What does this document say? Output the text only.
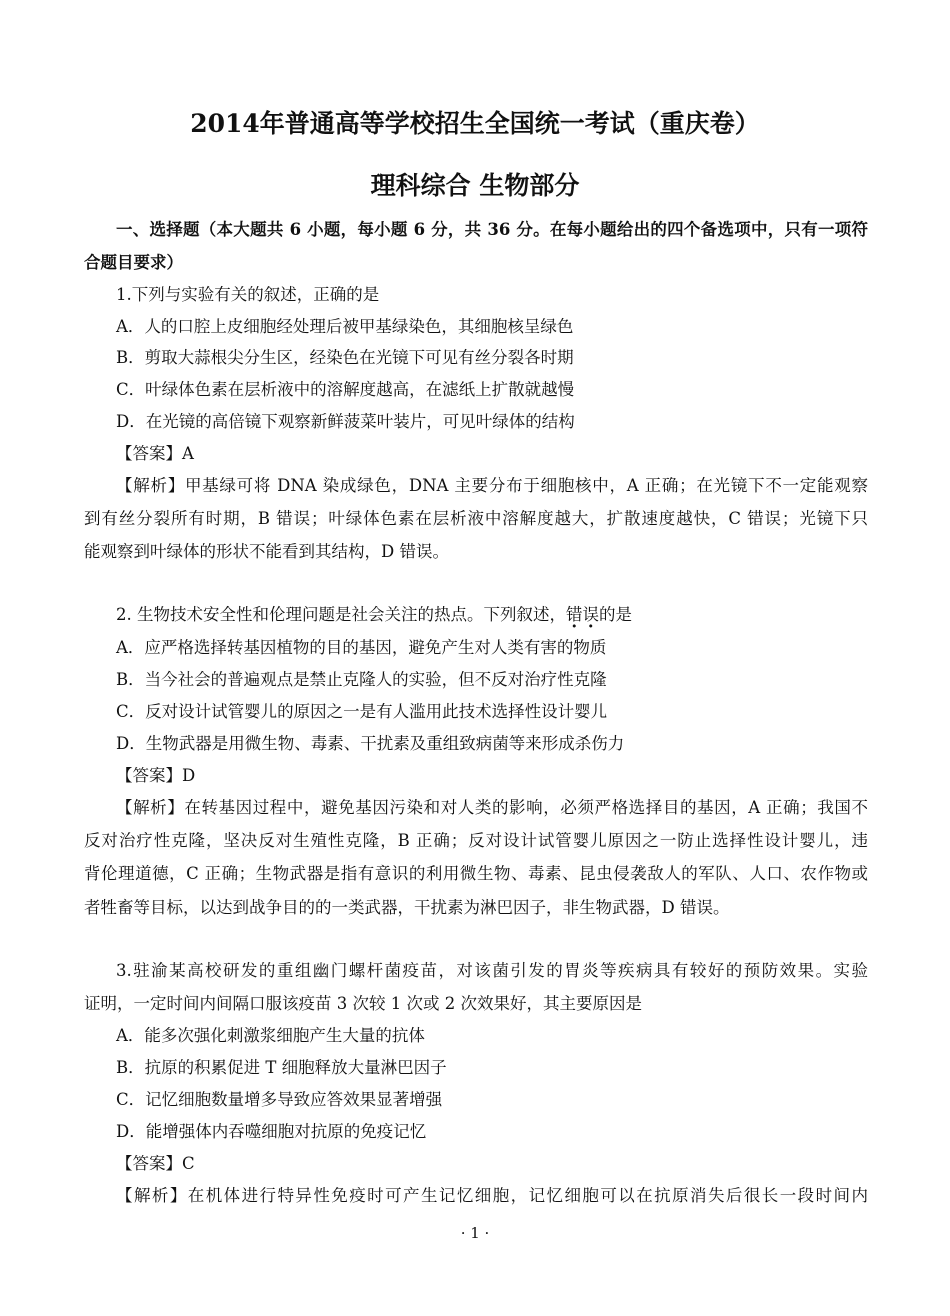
2014年普通高等学校招生全国统一考试（重庆卷）
理科综合 生物部分
一、选择题（本大题共 6 小题，每小题 6 分，共 36 分。在每小题给出的四个备选项中，只有一项符
合题目要求）
1.下列与实验有关的叙述，正确的是
A．人的口腔上皮细胞经处理后被甲基绿染色，其细胞核呈绿色
B．剪取大蒜根尖分生区，经染色在光镜下可见有丝分裂各时期
C．叶绿体色素在层析液中的溶解度越高，在滤纸上扩散就越慢
D．在光镜的高倍镜下观察新鲜菠菜叶装片，可见叶绿体的结构
【答案】A
【解析】甲基绿可将 DNA 染成绿色，DNA 主要分布于细胞核中，A 正确；在光镜下不一定能观察
到有丝分裂所有时期，B 错误；叶绿体色素在层析液中溶解度越大，扩散速度越快，C 错误；光镜下只
能观察到叶绿体的形状不能看到其结构，D 错误。
2. 生物技术安全性和伦理问题是社会关注的热点。下列叙述，错误的是
A．应严格选择转基因植物的目的基因，避免产生对人类有害的物质
B．当今社会的普遍观点是禁止克隆人的实验，但不反对治疗性克隆
C．反对设计试管婴儿的原因之一是有人滥用此技术选择性设计婴儿
D．生物武器是用微生物、毒素、干扰素及重组致病菌等来形成杀伤力
【答案】D
【解析】在转基因过程中，避免基因污染和对人类的影响，必须严格选择目的基因，A 正确；我国不
反对治疗性克隆，坚决反对生殖性克隆，B 正确；反对设计试管婴儿原因之一防止选择性设计婴儿，违
背伦理道德，C 正确；生物武器是指有意识的利用微生物、毒素、昆虫侵袭敌人的军队、人口、农作物或
者牲畜等目标，以达到战争目的的一类武器，干扰素为淋巴因子，非生物武器，D 错误。
3.驻渝某高校研发的重组幽门螺杆菌疫苗，对该菌引发的胃炎等疾病具有较好的预防效果。实验
证明，一定时间内间隔口服该疫苗 3 次较 1 次或 2 次效果好，其主要原因是
A．能多次强化刺激浆细胞产生大量的抗体
B．抗原的积累促进 T 细胞释放大量淋巴因子
C．记忆细胞数量增多导致应答效果显著增强
D．能增强体内吞噬细胞对抗原的免疫记忆
【答案】C
【解析】在机体进行特异性免疫时可产生记忆细胞，记忆细胞可以在抗原消失后很长一段时间内
· 1 ·
